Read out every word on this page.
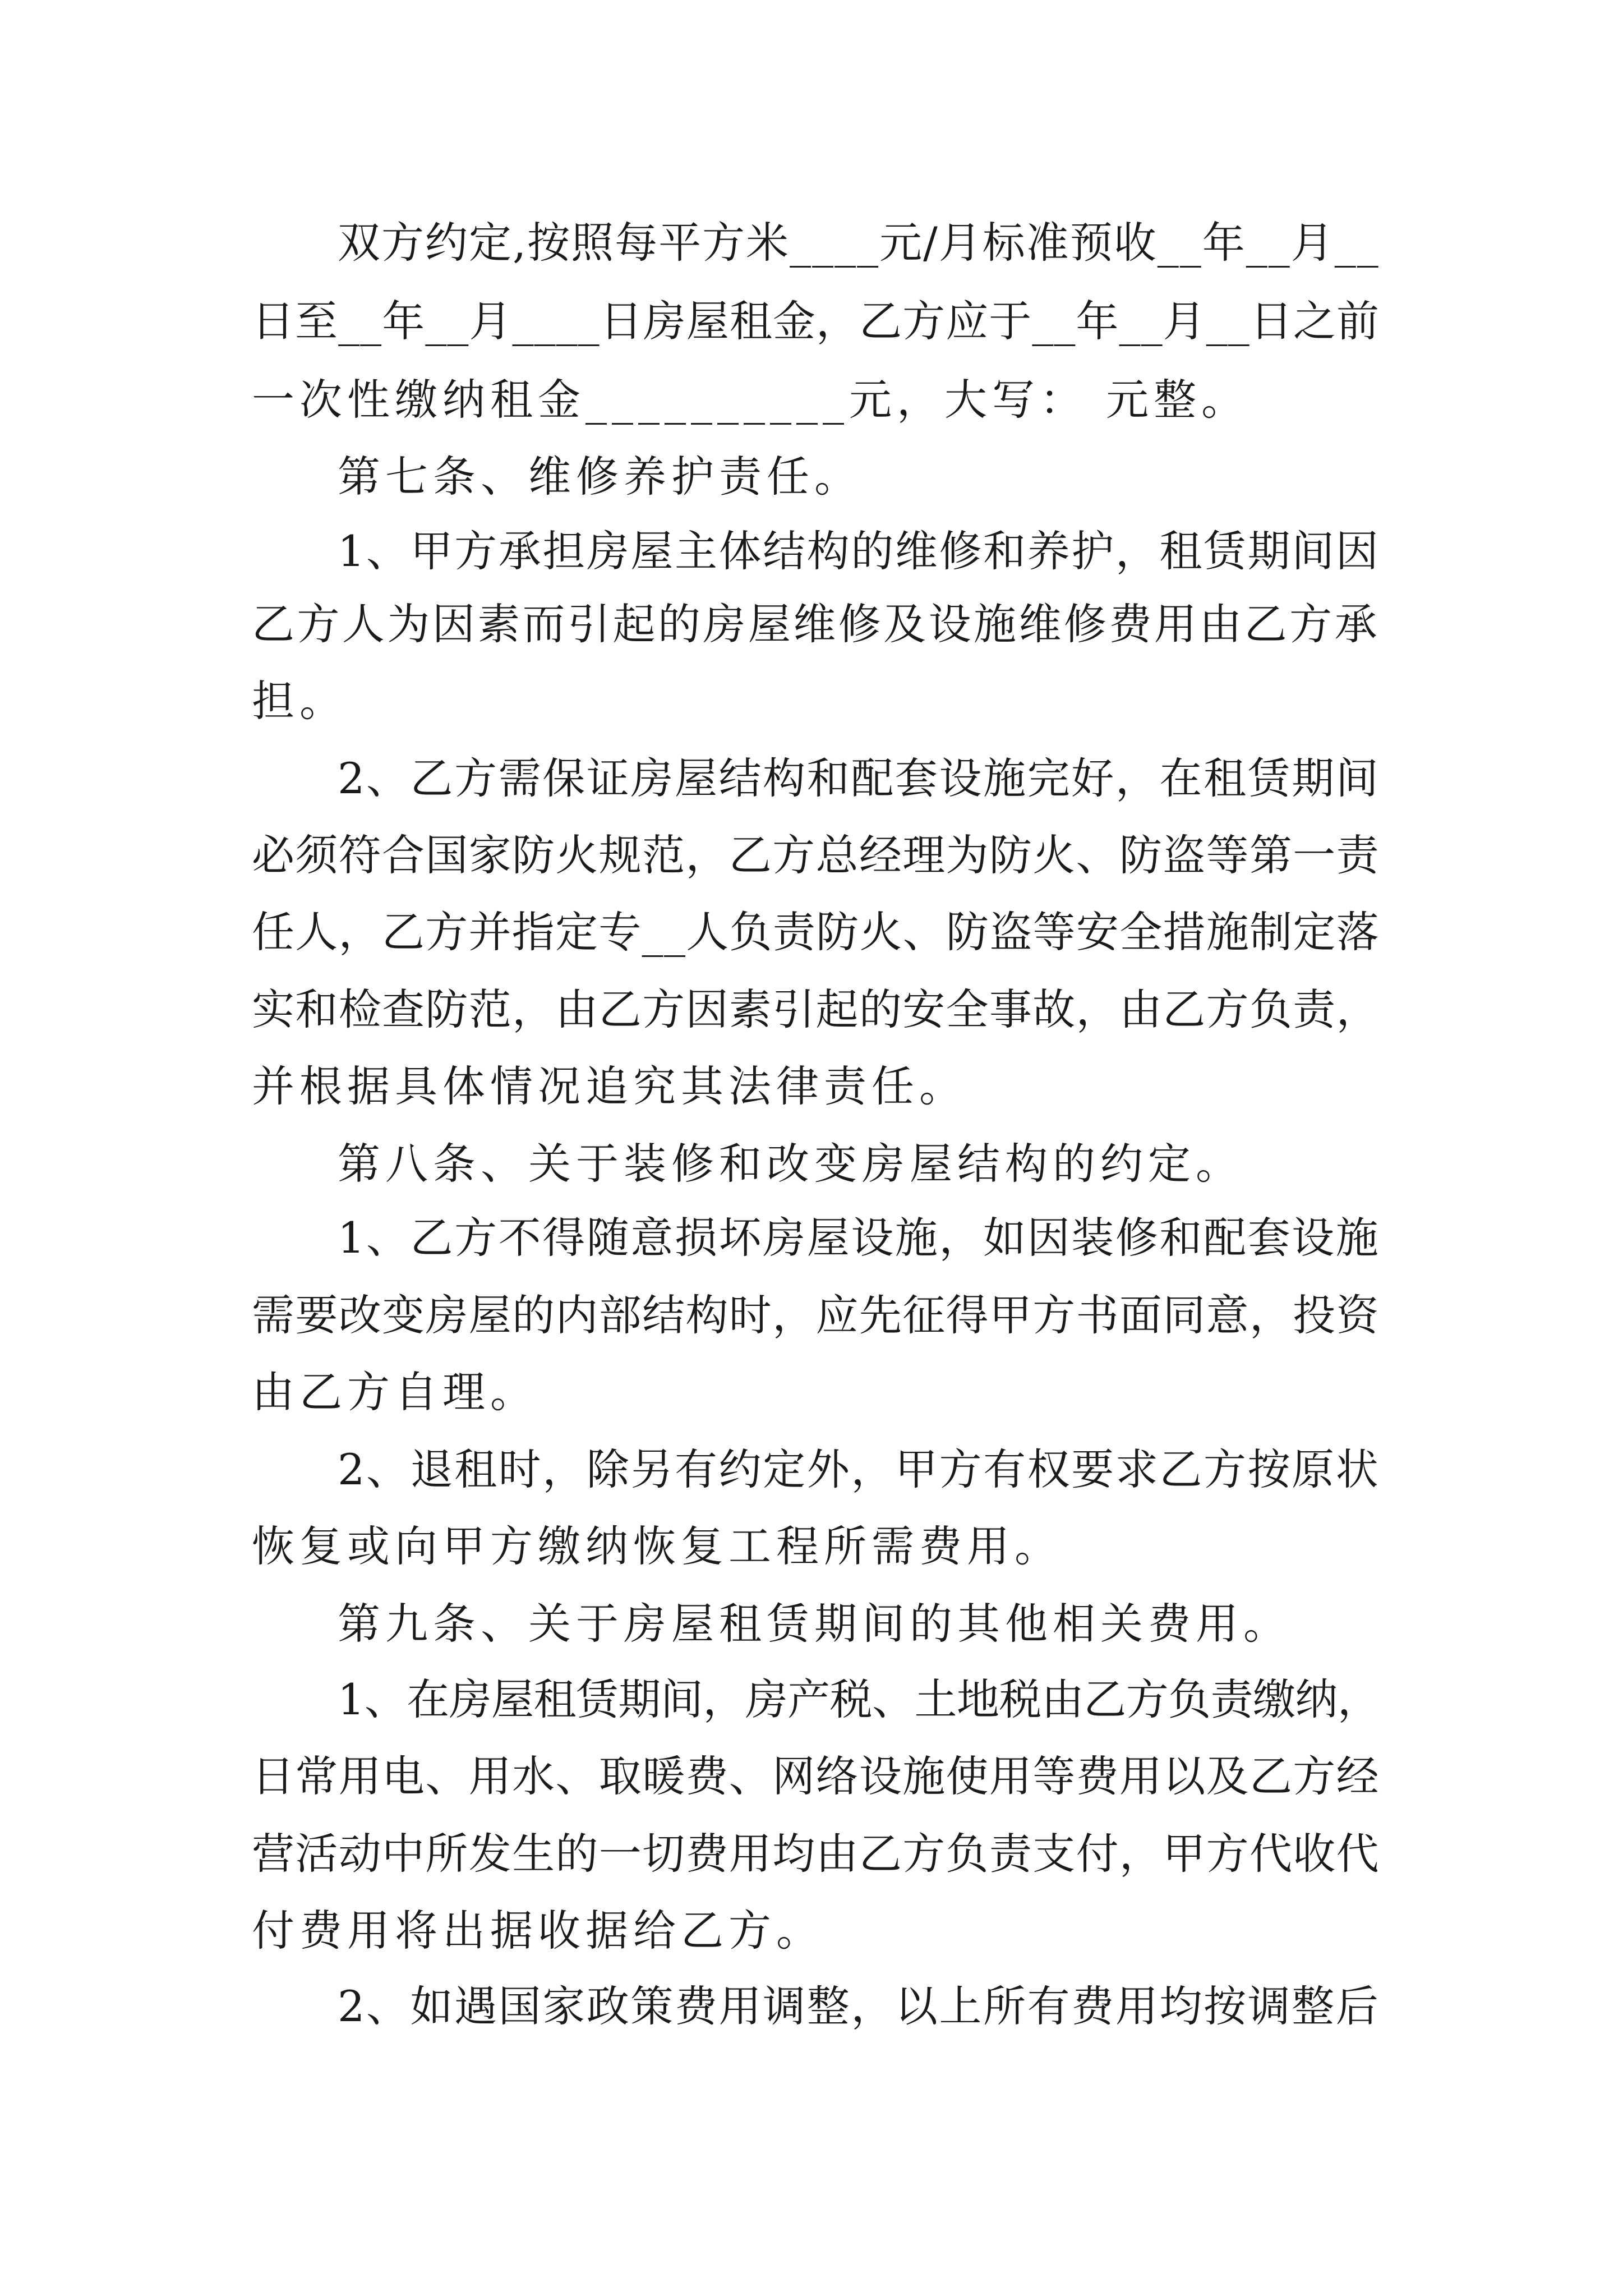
双方约定,按照每平方米____元/月标准预收__年__月__
日至__年__月____日房屋租金，乙方应于__年__月__日之前
一次性缴纳租金__________元，大写： 元整。
第七条、维修养护责任。
1、甲方承担房屋主体结构的维修和养护，租赁期间因
乙方人为因素而引起的房屋维修及设施维修费用由乙方承
担。
2、乙方需保证房屋结构和配套设施完好，在租赁期间
必须符合国家防火规范，乙方总经理为防火、防盗等第一责
任人，乙方并指定专__人负责防火、防盗等安全措施制定落
实和检查防范，由乙方因素引起的安全事故，由乙方负责，
并根据具体情况追究其法律责任。
第八条、关于装修和改变房屋结构的约定。
1、乙方不得随意损坏房屋设施，如因装修和配套设施
需要改变房屋的内部结构时，应先征得甲方书面同意，投资
由乙方自理。
2、退租时，除另有约定外，甲方有权要求乙方按原状
恢复或向甲方缴纳恢复工程所需费用。
第九条、关于房屋租赁期间的其他相关费用。
1、在房屋租赁期间，房产税、土地税由乙方负责缴纳，
日常用电、用水、取暖费、网络设施使用等费用以及乙方经
营活动中所发生的一切费用均由乙方负责支付，甲方代收代
付费用将出据收据给乙方。
2、如遇国家政策费用调整，以上所有费用均按调整后
